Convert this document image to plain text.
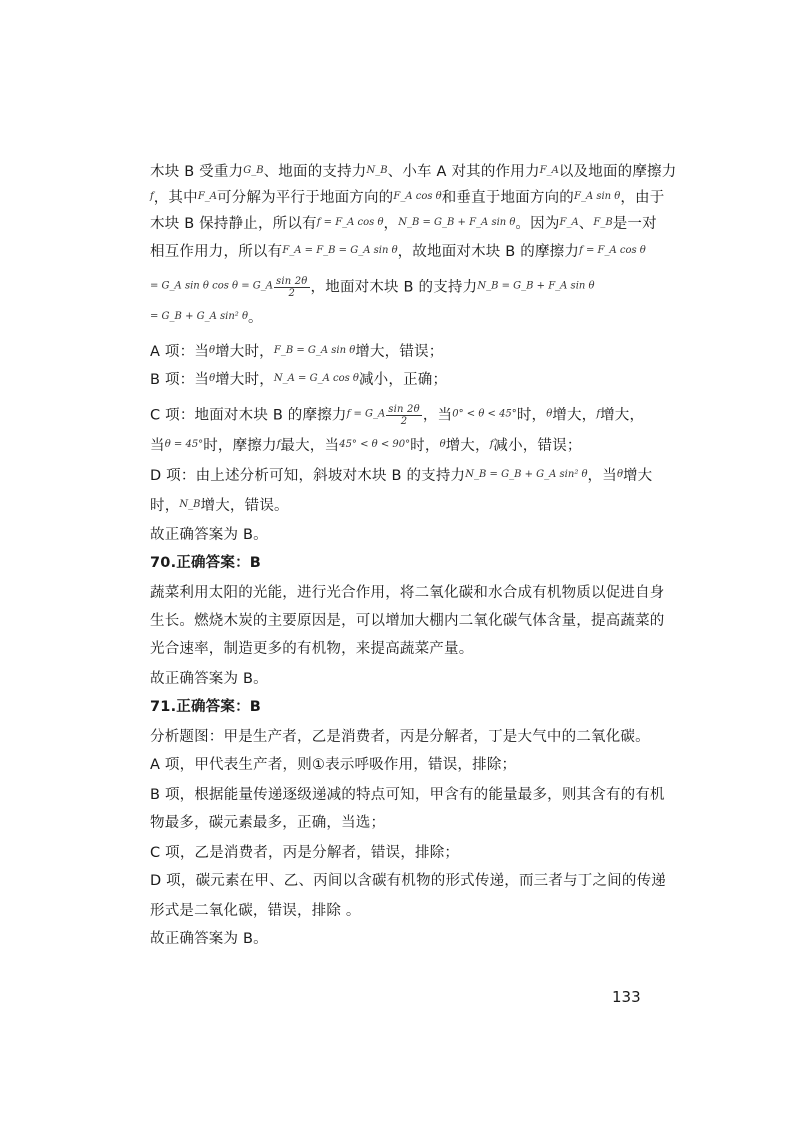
木块 B 受重力$^{G\_B}$、地面的支持力$^{N\_B}$、小车 A 对其的作用力$^{F\_A}$以及地面的摩擦力
$^f$，其中$^{F\_A}$可分解为平行于地面方向的$^{F\_A cos \theta}$和垂直于地面方向的$^{F\_A sin \theta}$，由于
木块 B 保持静止，所以有$^{f = F\_A cos \theta}$，$^{N\_B = G\_B + F\_A sin \theta}$。因为$^{F\_A}$、$^{F\_B}$是一对
相互作用力，所以有$^{F\_A = F\_B = G\_A sin \theta}$，故地面对木块 B 的摩擦力$^{f = F\_A cos \theta}$
$^{= G\_A sin \theta cos \theta = G\_A} \frac{\sin 2\theta}{2}$ ，地面对木块 B 的支持力$^{N\_B = G\_B + F\_A sin \theta}$
$^{= G\_B + G\_A sin^2 \theta}$。
A 项：当$^\theta$增大时，$^{F\_B = G\_A sin \theta}$增大，错误；
B 项：当$^\theta$增大时，$^{N\_A = G\_A cos \theta}$减小，正确；
C 项：地面对木块 B 的摩擦力$^{f = G\_A} \frac{\sin 2\theta}{2}$ ，当$^{0^\circ < \theta < 45^\circ}$时，$^\theta$增大，$^f$增大，
当$^{\theta = 45^\circ}$时，摩擦力$^f$最大，当$^{45^\circ < \theta < 90^\circ}$时，$^\theta$增大，$^f$减小，错误；
D 项：由上述分析可知，斜坡对木块 B 的支持力$^{N\_B = G\_B + G\_A sin^2 \theta}$，当$^\theta$增大
时，$^{N\_B}$增大，错误。
故正确答案为 B。
70.正确答案：B
蔬菜利用太阳的光能，进行光合作用，将二氧化碳和水合成有机物质以促进自身
生长。燃烧木炭的主要原因是，可以增加大棚内二氧化碳气体含量，提高蔬菜的
光合速率，制造更多的有机物，来提高蔬菜产量。
故正确答案为 B。
71.正确答案：B
分析题图：甲是生产者，乙是消费者，丙是分解者，丁是大气中的二氧化碳。
A 项，甲代表生产者，则①表示呼吸作用，错误，排除；
B 项，根据能量传递逐级递减的特点可知，甲含有的能量最多，则其含有的有机
物最多，碳元素最多，正确，当选；
C 项，乙是消费者，丙是分解者，错误，排除；
D 项，碳元素在甲、乙、丙间以含碳有机物的形式传递，而三者与丁之间的传递
形式是二氧化碳，错误，排除 。
故正确答案为 B。
133
